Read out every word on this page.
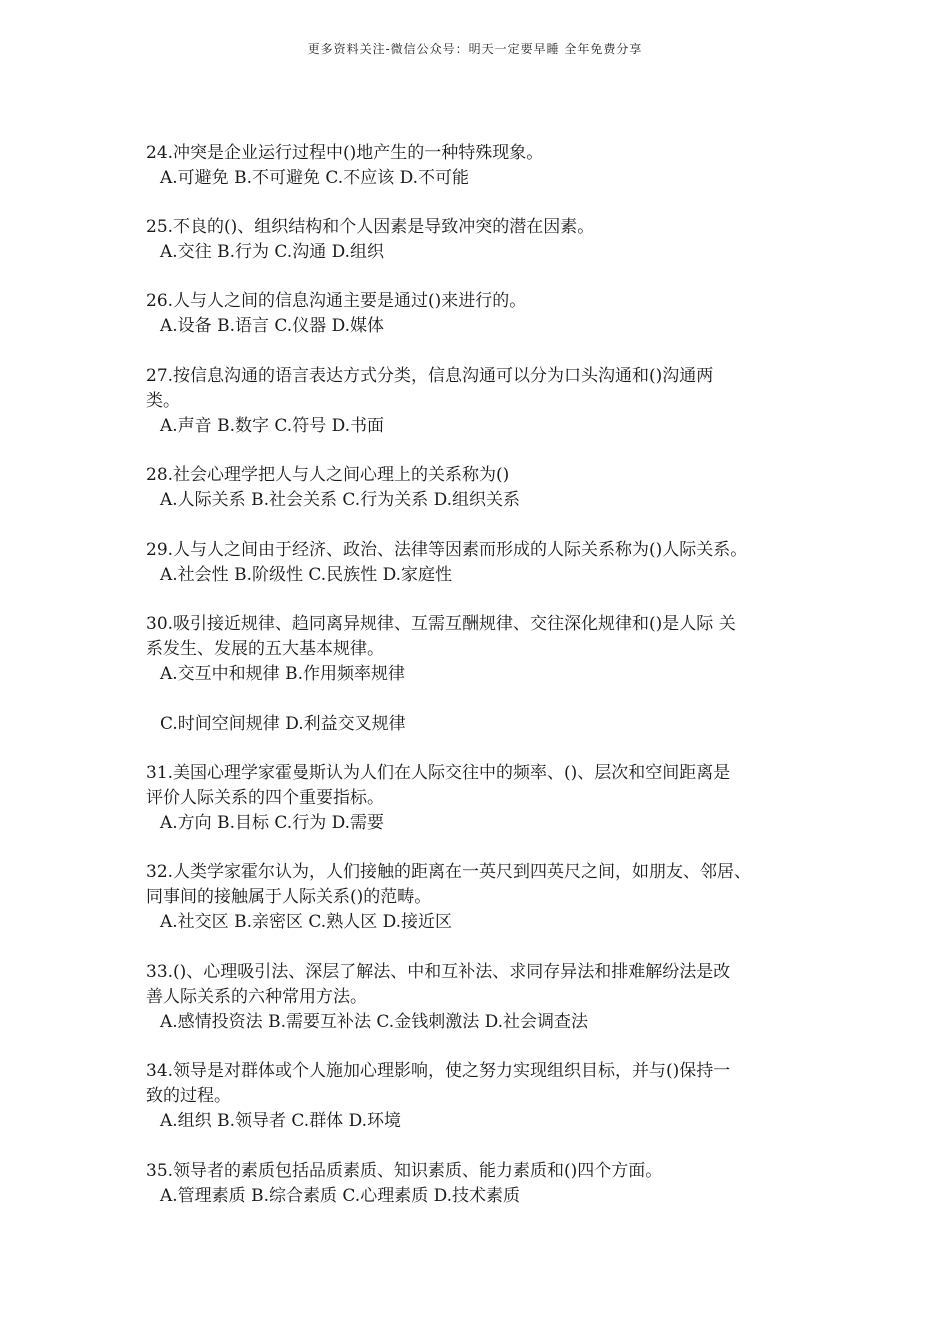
更多资料关注-微信公众号：明天一定要早睡 全年免费分享
24.冲突是企业运行过程中()地产生的一种特殊现象。
A.可避免 B.不可避免 C.不应该 D.不可能
25.不良的()、组织结构和个人因素是导致冲突的潜在因素。
A.交往 B.行为 C.沟通 D.组织
26.人与人之间的信息沟通主要是通过()来进行的。
A.设备 B.语言 C.仪器 D.媒体
27.按信息沟通的语言表达方式分类，信息沟通可以分为口头沟通和()沟通两
类。
A.声音 B.数字 C.符号 D.书面
28.社会心理学把人与人之间心理上的关系称为()
A.人际关系 B.社会关系 C.行为关系 D.组织关系
29.人与人之间由于经济、政治、法律等因素而形成的人际关系称为()人际关系。
A.社会性 B.阶级性 C.民族性 D.家庭性
30.吸引接近规律、趋同离异规律、互需互酬规律、交往深化规律和()是人际 关
系发生、发展的五大基本规律。
A.交互中和规律 B.作用频率规律
C.时间空间规律 D.利益交叉规律
31.美国心理学家霍曼斯认为人们在人际交往中的频率、()、层次和空间距离是
评价人际关系的四个重要指标。
A.方向 B.目标 C.行为 D.需要
32.人类学家霍尔认为，人们接触的距离在一英尺到四英尺之间，如朋友、邻居、
同事间的接触属于人际关系()的范畴。
A.社交区 B.亲密区 C.熟人区 D.接近区
33.()、心理吸引法、深层了解法、中和互补法、求同存异法和排难解纷法是改
善人际关系的六种常用方法。
A.感情投资法 B.需要互补法 C.金钱刺激法 D.社会调查法
34.领导是对群体或个人施加心理影响，使之努力实现组织目标，并与()保持一
致的过程。
A.组织 B.领导者 C.群体 D.环境
35.领导者的素质包括品质素质、知识素质、能力素质和()四个方面。
A.管理素质 B.综合素质 C.心理素质 D.技术素质
